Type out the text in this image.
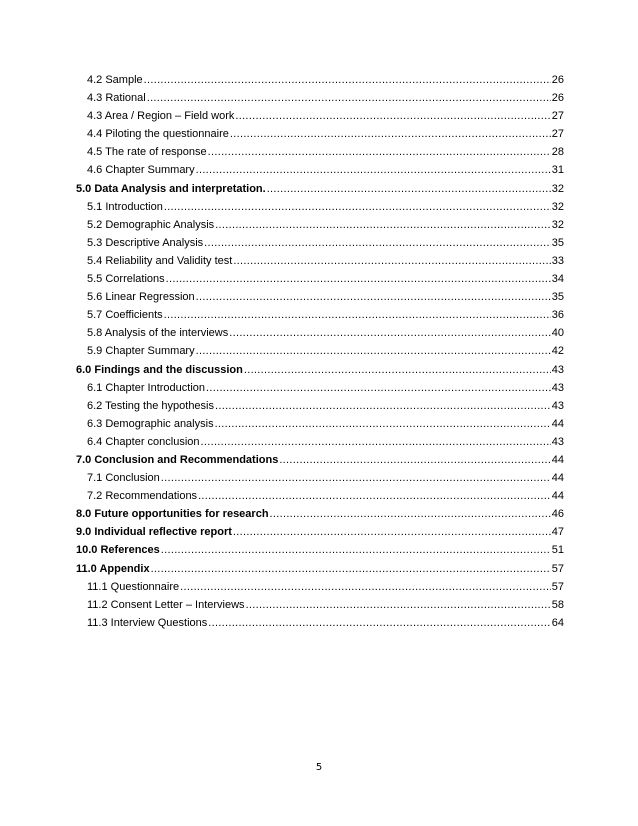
4.2 Sample .....	26
4.3 Rational .....	26
4.3 Area / Region – Field work .....	27
4.4 Piloting the questionnaire .....	27
4.5 The rate of response .....	28
4.6 Chapter Summary .....	31
5.0 Data Analysis and interpretation. .....	32
5.1 Introduction .....	32
5.2 Demographic Analysis .....	32
5.3 Descriptive Analysis .....	35
5.4 Reliability and Validity test .....	33
5.5 Correlations .....	34
5.6 Linear Regression .....	35
5.7 Coefficients .....	36
5.8 Analysis of the interviews .....	40
5.9 Chapter Summary .....	42
6.0 Findings and the discussion .....	43
6.1 Chapter Introduction .....	43
6.2 Testing the hypothesis .....	43
6.3 Demographic analysis .....	44
6.4 Chapter conclusion .....	43
7.0 Conclusion and Recommendations .....	44
7.1 Conclusion .....	44
7.2 Recommendations .....	44
8.0 Future opportunities for research .....	46
9.0 Individual reflective report .....	47
10.0 References .....	51
11.0 Appendix .....	57
11.1 Questionnaire .....	57
11.2 Consent Letter – Interviews .....	58
11.3 Interview Questions .....	64
5
